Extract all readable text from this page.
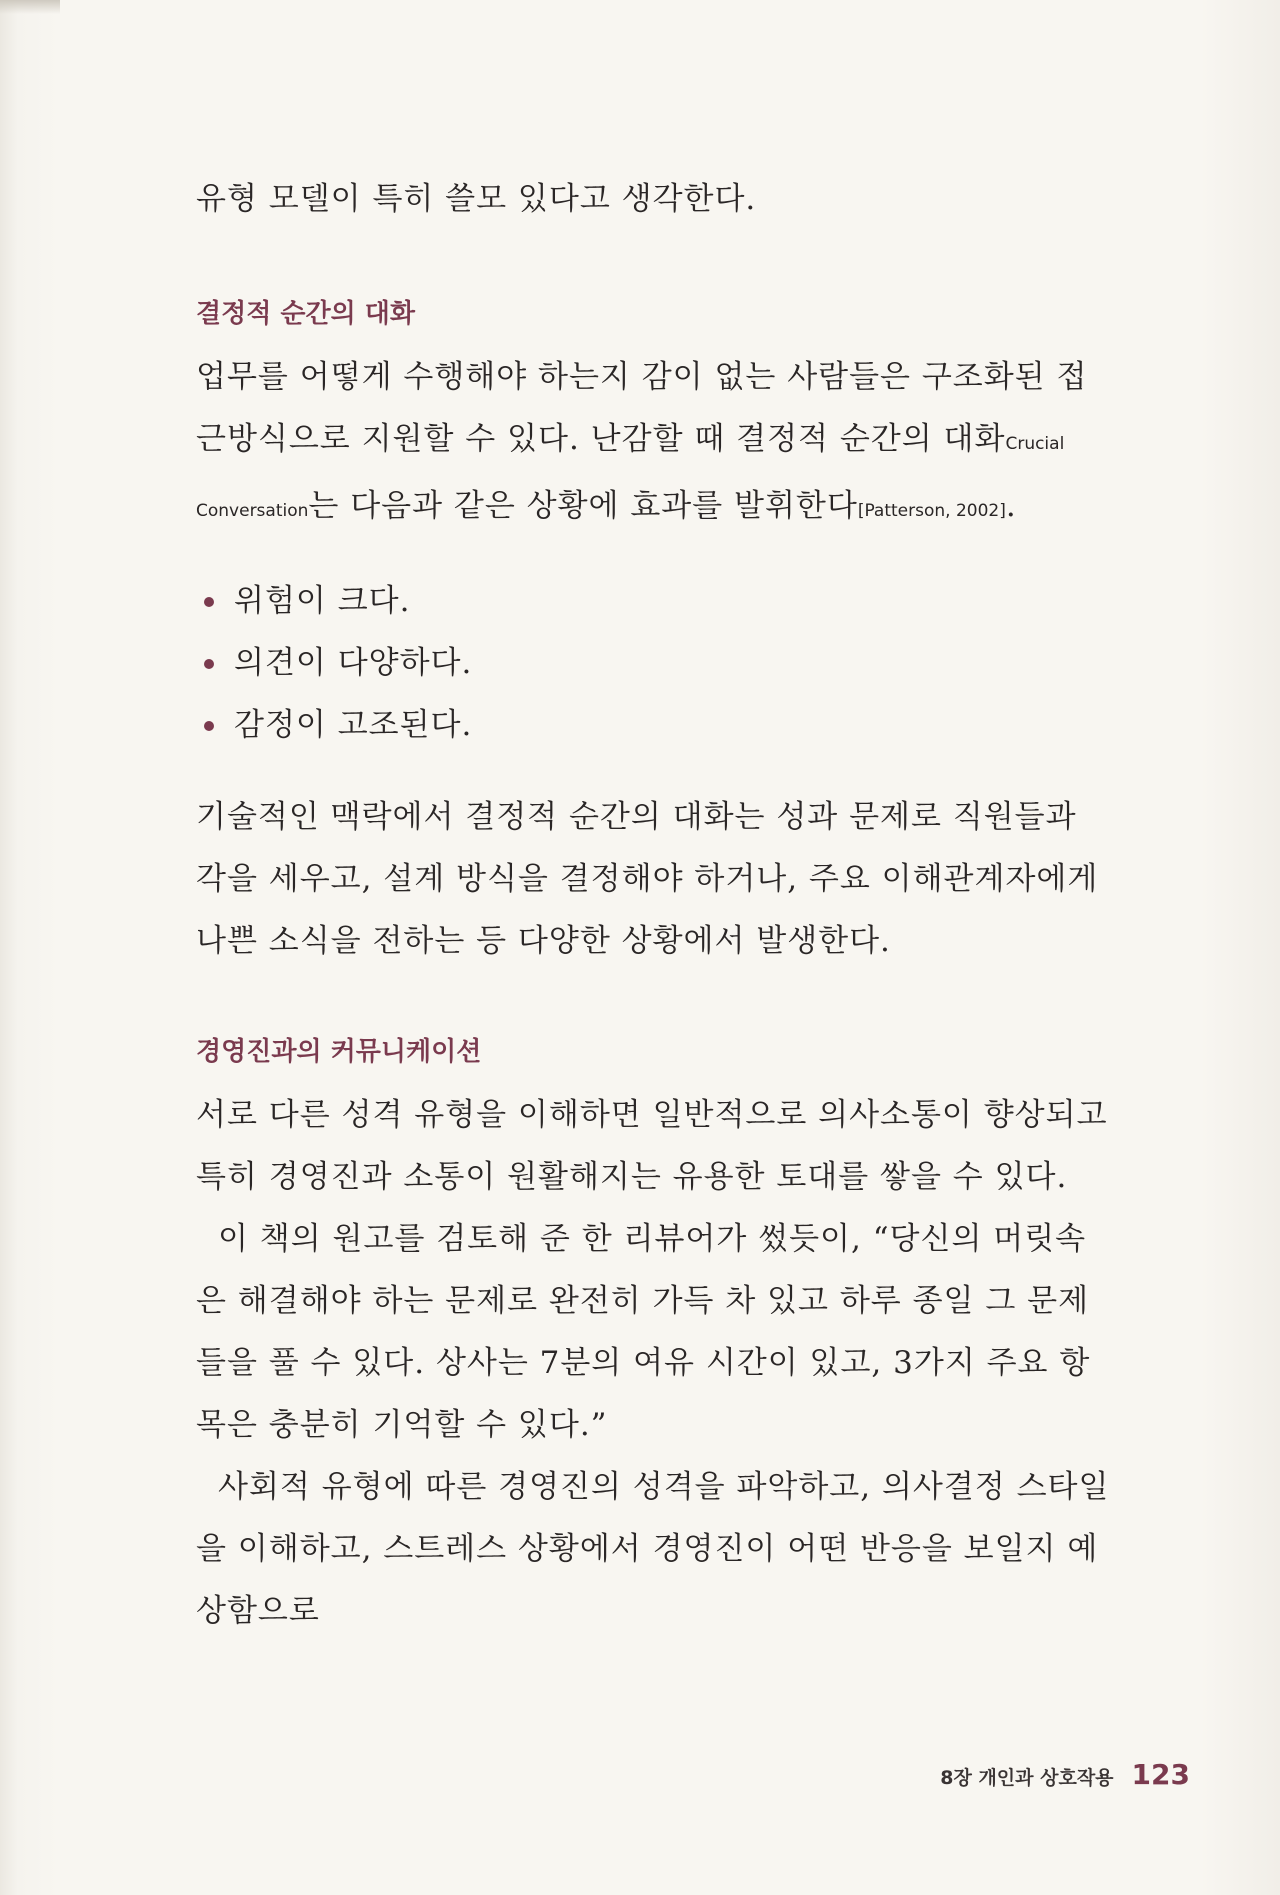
유형 모델이 특히 쓸모 있다고 생각한다.

결정적 순간의 대화

업무를 어떻게 수행해야 하는지 감이 없는 사람들은 구조화된 접근방식으로 지원할 수 있다. 난감할 때 결정적 순간의 대화Crucial Conversation는 다음과 같은 상황에 효과를 발휘한다[Patterson, 2002].

위험이 크다.
의견이 다양하다.
감정이 고조된다.

기술적인 맥락에서 결정적 순간의 대화는 성과 문제로 직원들과 각을 세우고, 설계 방식을 결정해야 하거나, 주요 이해관계자에게 나쁜 소식을 전하는 등 다양한 상황에서 발생한다.

경영진과의 커뮤니케이션

서로 다른 성격 유형을 이해하면 일반적으로 의사소통이 향상되고 특히 경영진과 소통이 원활해지는 유용한 토대를 쌓을 수 있다.

이 책의 원고를 검토해 준 한 리뷰어가 썼듯이, “당신의 머릿속은 해결해야 하는 문제로 완전히 가득 차 있고 하루 종일 그 문제들을 풀 수 있다. 상사는 7분의 여유 시간이 있고, 3가지 주요 항목은 충분히 기억할 수 있다.”

사회적 유형에 따른 경영진의 성격을 파악하고, 의사결정 스타일을 이해하고, 스트레스 상황에서 경영진이 어떤 반응을 보일지 예상함으로

8장 개인과 상호작용 123
